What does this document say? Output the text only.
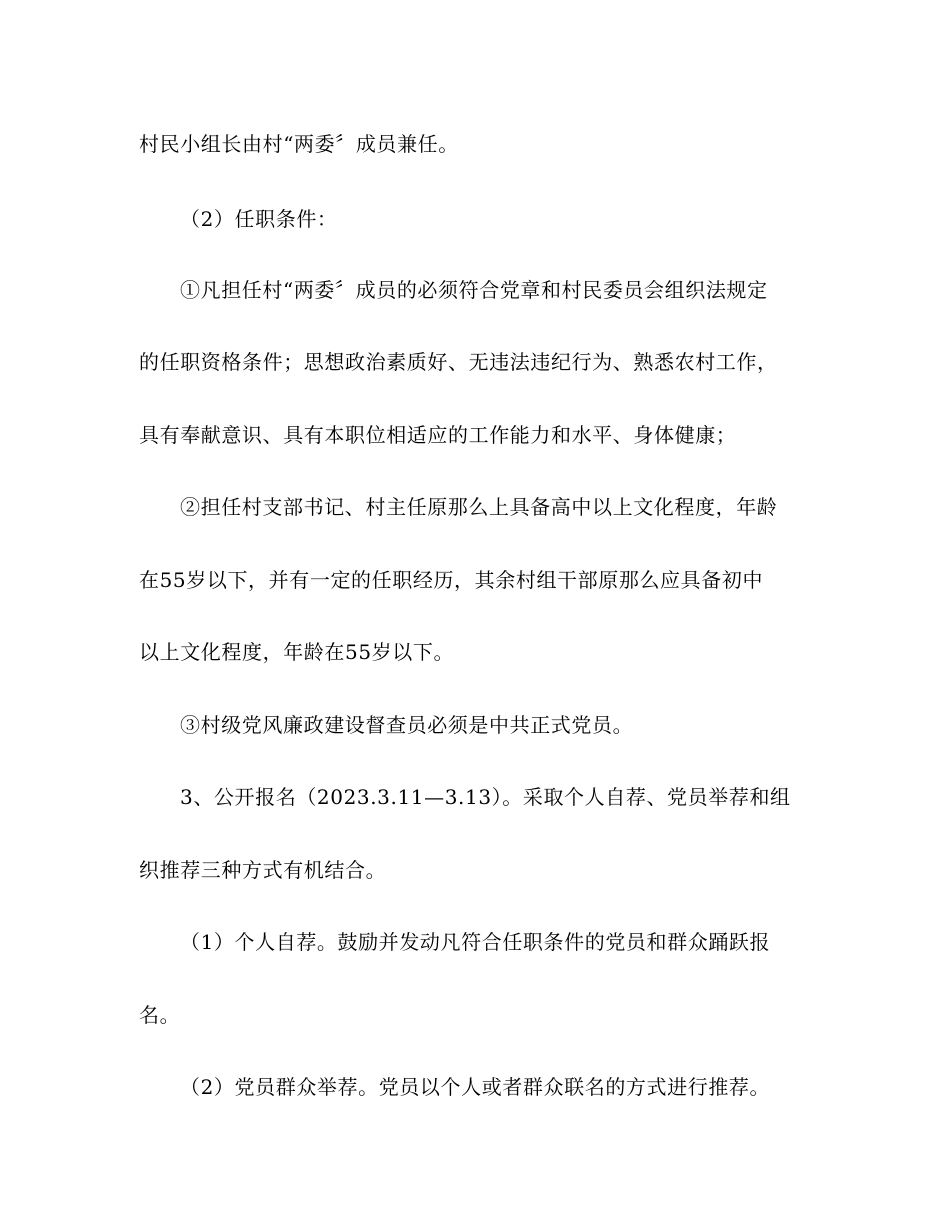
村民小组长由村“两委〞成员兼任。
（2）任职条件：
①凡担任村“两委〞成员的必须符合党章和村民委员会组织法规定
的任职资格条件；思想政治素质好、无违法违纪行为、熟悉农村工作，
具有奉献意识、具有本职位相适应的工作能力和水平、身体健康；
②担任村支部书记、村主任原那么上具备高中以上文化程度，年龄
在55岁以下，并有一定的任职经历，其余村组干部原那么应具备初中
以上文化程度，年龄在55岁以下。
③村级党风廉政建设督查员必须是中共正式党员。
3、公开报名（2023.3.11—3.13）。采取个人自荐、党员举荐和组
织推荐三种方式有机结合。
（1）个人自荐。鼓励并发动凡符合任职条件的党员和群众踊跃报
名。
（2）党员群众举荐。党员以个人或者群众联名的方式进行推荐。
